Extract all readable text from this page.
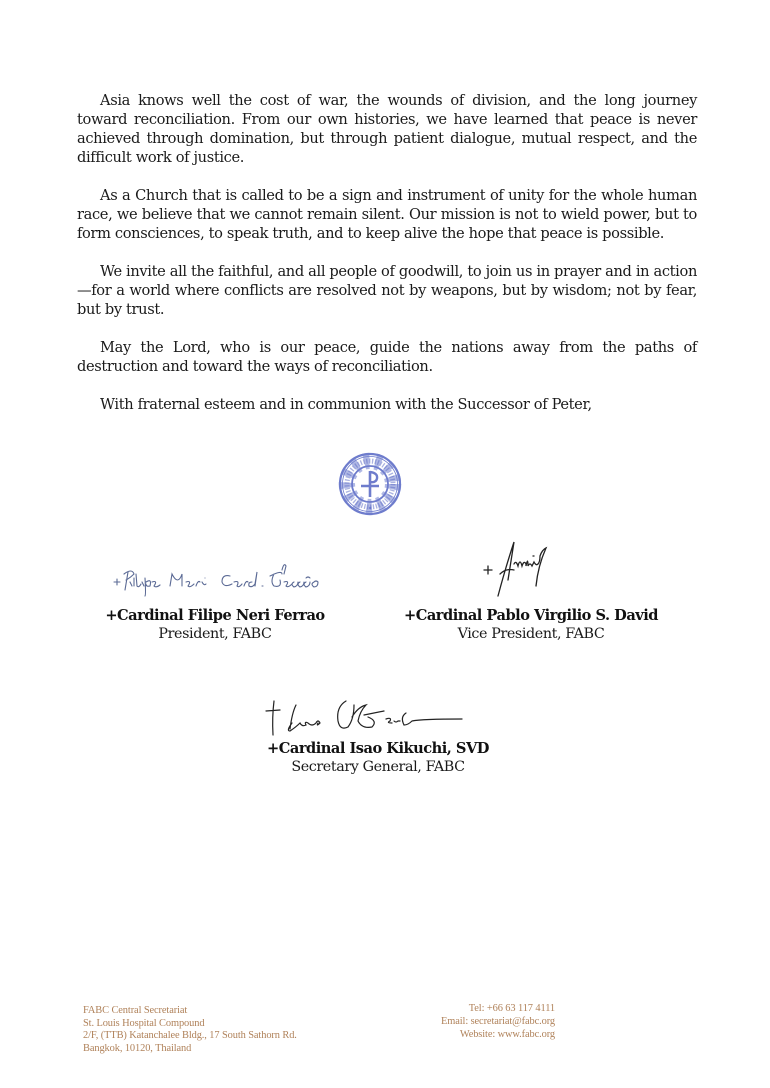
Asia knows well the cost of war, the wounds of division, and the long journey toward reconciliation. From our own histories, we have learned that peace is never achieved through domination, but through patient dialogue, mutual respect, and the difficult work of justice.

As a Church that is called to be a sign and instrument of unity for the whole human race, we believe that we cannot remain silent. Our mission is not to wield power, but to form consciences, to speak truth, and to keep alive the hope that peace is possible.

We invite all the faithful, and all people of goodwill, to join us in prayer and in action—for a world where conflicts are resolved not by weapons, but by wisdom; not by fear, but by trust.

May the Lord, who is our peace, guide the nations away from the paths of destruction and toward the ways of reconciliation.

With fraternal esteem and in communion with the Successor of Peter,

+Cardinal Filipe Neri Ferrao
President, FABC
+Cardinal Pablo Virgilio S. David
Vice President, FABC
+Cardinal Isao Kikuchi, SVD
Secretary General, FABC
FABC Central Secretariat
St. Louis Hospital Compound
2/F, (TTB) Katanchalee Bldg., 17 South Sathorn Rd.
Bangkok, 10120, Thailand
Tel: +66 63 117 4111
Email: secretariat@fabc.org
Website: www.fabc.org
